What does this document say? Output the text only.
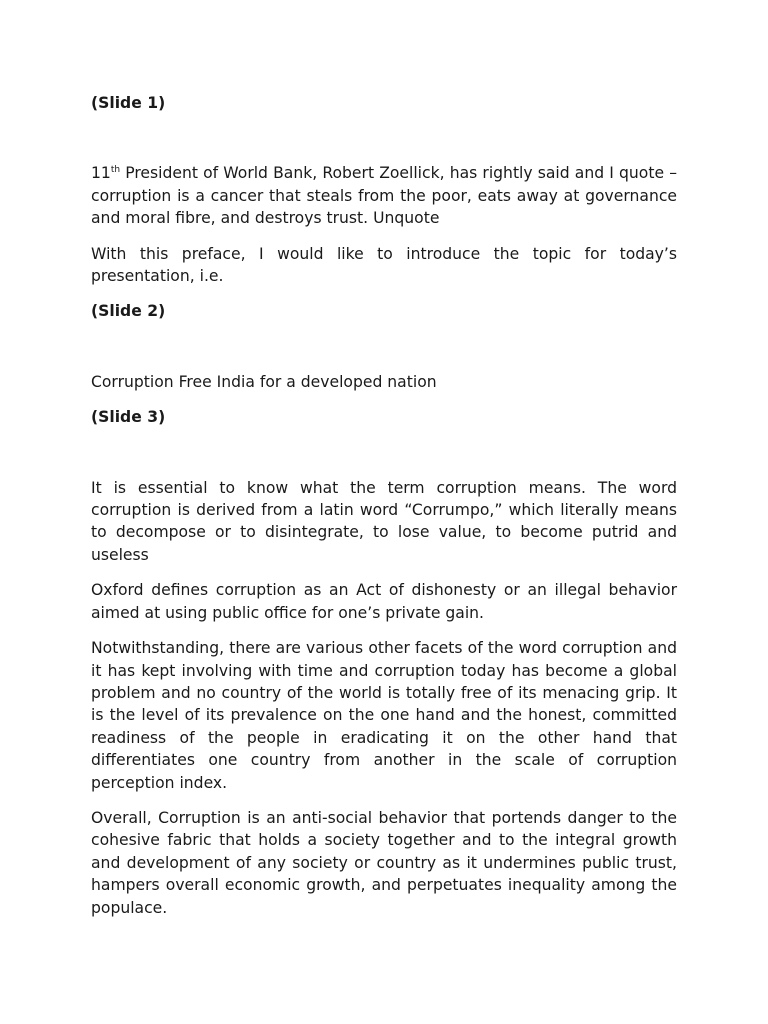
(Slide 1)

11th President of World Bank, Robert Zoellick, has rightly said and I quote – corruption is a cancer that steals from the poor, eats away at governance and moral fibre, and destroys trust. Unquote

With this preface, I would like to introduce the topic for today’s presentation, i.e.

(Slide 2)

Corruption Free India for a developed nation

(Slide 3)

It is essential to know what the term corruption means. The word corruption is derived from a latin word “Corrumpo,” which literally means to decompose or to disintegrate, to lose value, to become putrid and useless

Oxford defines corruption as an Act of dishonesty or an illegal behavior aimed at using public office for one’s private gain.

Notwithstanding, there are various other facets of the word corruption and it has kept involving with time and corruption today has become a global problem and no country of the world is totally free of its menacing grip. It is the level of its prevalence on the one hand and the honest, committed readiness of the people in eradicating it on the other hand that differentiates one country from another in the scale of corruption perception index.

Overall, Corruption is an anti-social behavior that portends danger to the cohesive fabric that holds a society together and to the integral growth and development of any society or country as it undermines public trust, hampers overall economic growth, and perpetuates inequality among the populace.
